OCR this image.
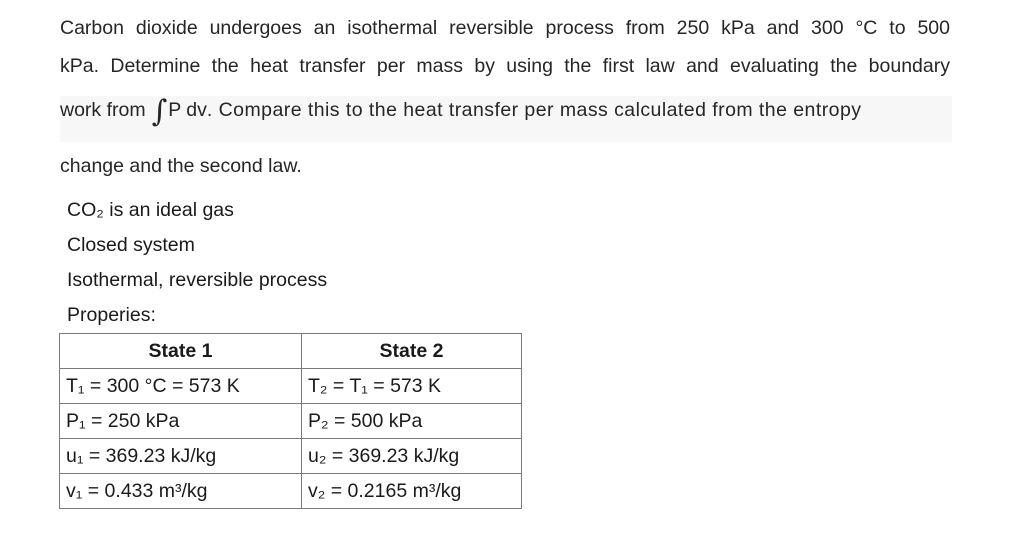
Carbon dioxide undergoes an isothermal reversible process from 250 kPa and 300 °C to 500
kPa. Determine the heat transfer per mass by using the first law and evaluating the boundary
work from ∫P dv. Compare this to the heat transfer per mass calculated from the entropy
change and the second law.
CO₂ is an ideal gas
Closed system
Isothermal, reversible process
Properies:
State 1	State 2
T₁ = 300 °C = 573 K	T₂ = T₁ = 573 K
P₁ = 250 kPa	P₂ = 500 kPa
u₁ = 369.23 kJ/kg	u₂ = 369.23 kJ/kg
v₁ = 0.433 m³/kg	v₂ = 0.2165 m³/kg
